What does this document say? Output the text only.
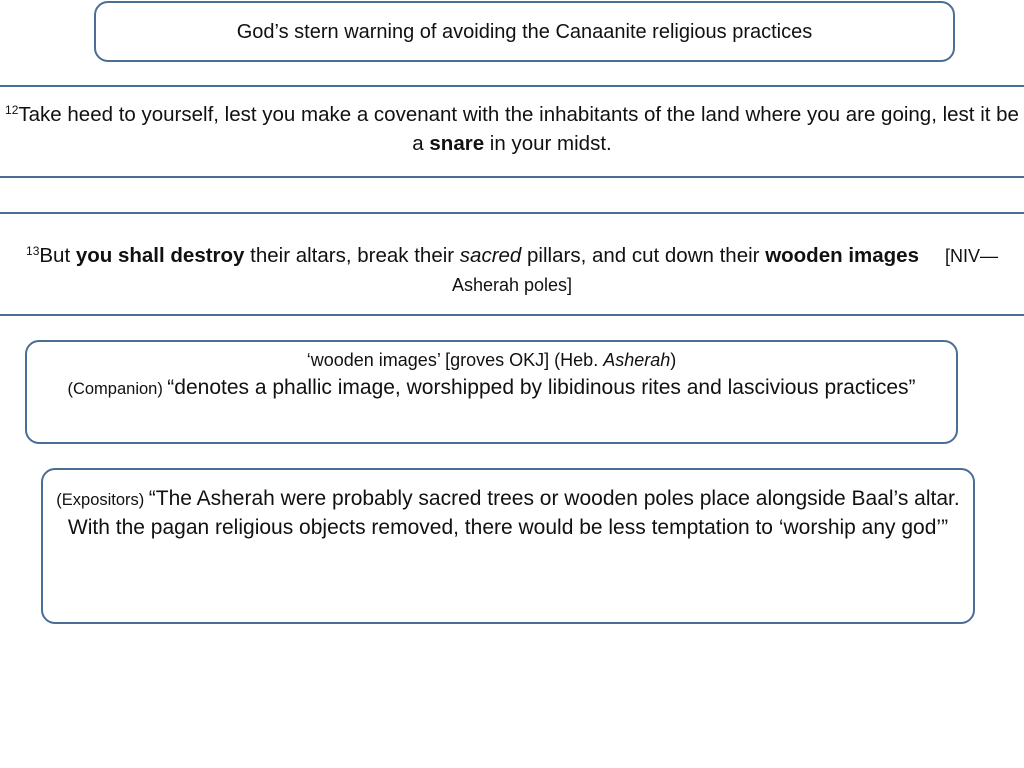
God’s stern warning of avoiding the Canaanite religious practices
$^{12}$Take heed to yourself, lest you make a covenant with the inhabitants of the land where you are going, lest it be a snare in your midst.
$^{13}$But you shall destroy their altars, break their sacred pillars, and cut down their wooden images [NIV—Asherah poles]
‘wooden images’ [groves OKJ] (Heb. Asherah)
(Companion) “denotes a phallic image, worshipped by libidinous rites and lascivious practices”
(Expositors) “The Asherah were probably sacred trees or wooden poles place alongside Baal’s altar.
With the pagan religious objects removed, there would be less temptation to ‘worship any god’”
